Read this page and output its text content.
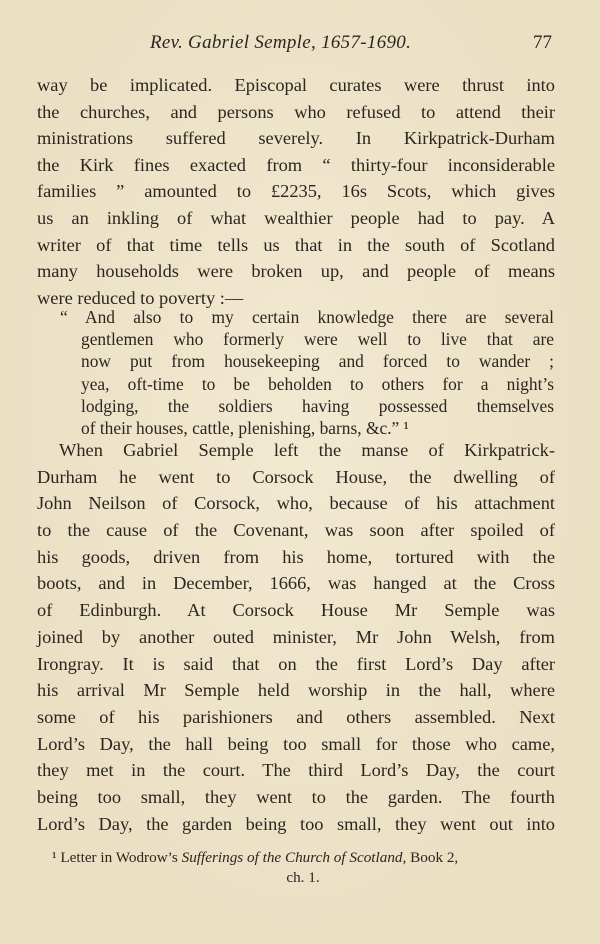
Rev. Gabriel Semple, 1657-1690.	77
way be implicated. Episcopal curates were thrust into
the churches, and persons who refused to attend their
ministrations suffered severely. In Kirkpatrick-Durham
the Kirk fines exacted from “ thirty-four inconsiderable
families ” amounted to £2235, 16s Scots, which gives
us an inkling of what wealthier people had to pay. A
writer of that time tells us that in the south of Scotland
many households were broken up, and people of means
were reduced to poverty :—
“ And also to my certain knowledge there are several
gentlemen who formerly were well to live that are
now put from housekeeping and forced to wander ;
yea, oft-time to be beholden to others for a night’s
lodging, the soldiers having possessed themselves
of their houses, cattle, plenishing, barns, &c.” ¹
When Gabriel Semple left the manse of Kirkpatrick-
Durham he went to Corsock House, the dwelling of
John Neilson of Corsock, who, because of his attachment
to the cause of the Covenant, was soon after spoiled of
his goods, driven from his home, tortured with the
boots, and in December, 1666, was hanged at the Cross
of Edinburgh. At Corsock House Mr Semple was
joined by another outed minister, Mr John Welsh, from
Irongray. It is said that on the first Lord’s Day after
his arrival Mr Semple held worship in the hall, where
some of his parishioners and others assembled. Next
Lord’s Day, the hall being too small for those who came,
they met in the court. The third Lord’s Day, the court
being too small, they went to the garden. The fourth
Lord’s Day, the garden being too small, they went out into
¹ Letter in Wodrow’s Sufferings of the Church of Scotland, Book 2,
ch. 1.
